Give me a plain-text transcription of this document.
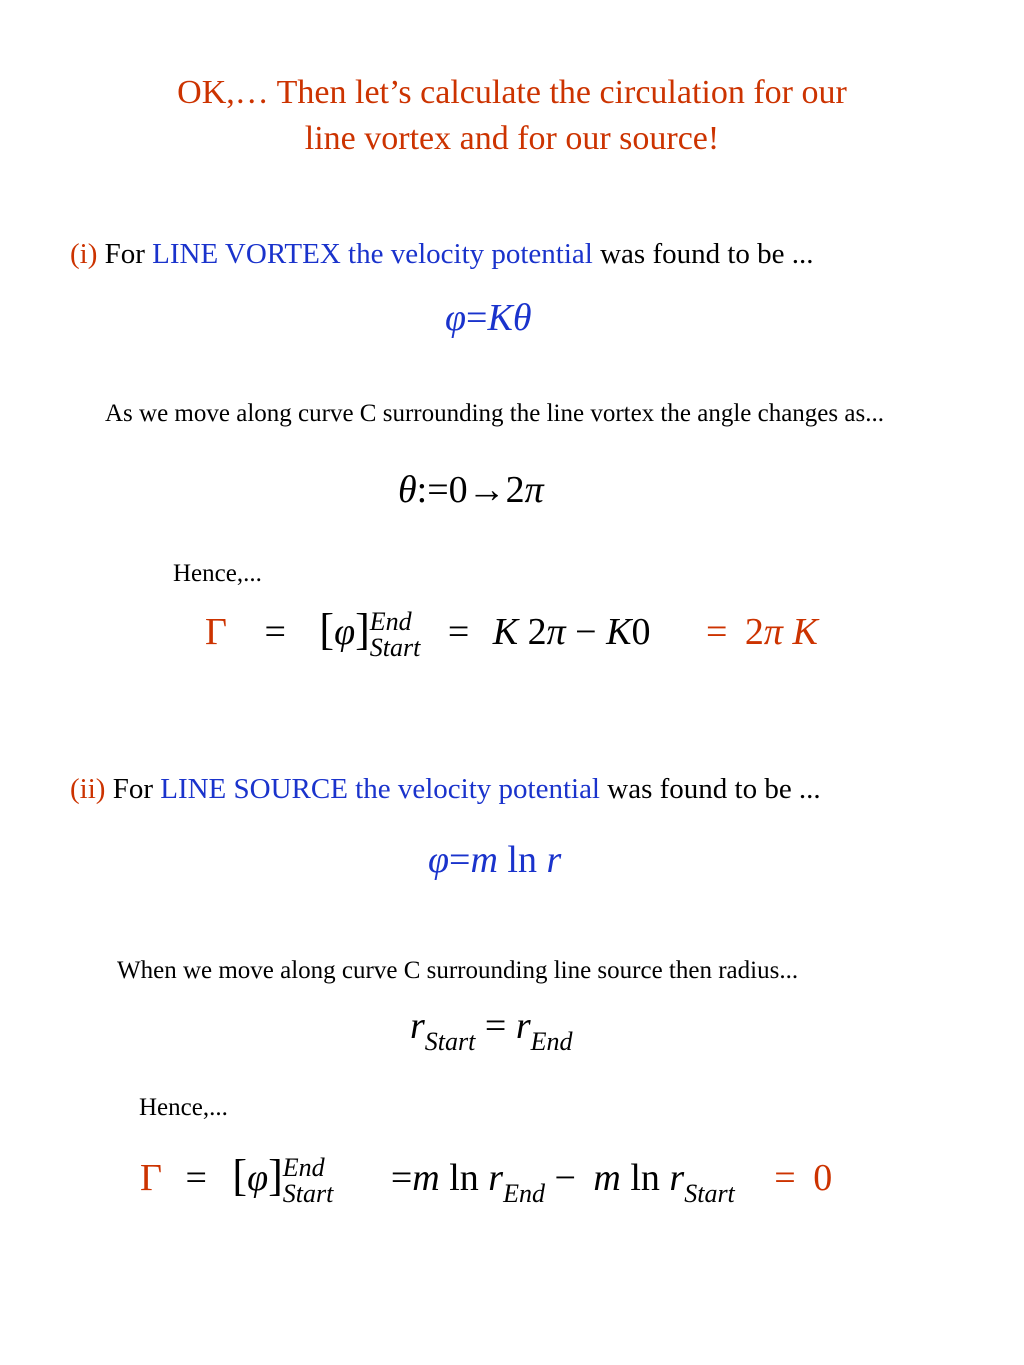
OK,… Then let’s calculate the circulation for our
line vortex and for our source!
(i) For LINE VORTEX the velocity potential was found to be ...
φ=Kθ
As we move along curve C surrounding the line vortex the angle changes as...
θ:=0→2π
Hence,...
Γ = [φ] End
Start = K 2π − K0 = 2π K
(ii) For LINE SOURCE the velocity potential was found to be ...
φ=m ln r
When we move along curve C surrounding line source then radius...
$r_{Start} = r_{End}$
Hence,...
Γ = [φ] End
Start =m $\ln r_{End} - m$ $\ln r_{Start} = 0$
